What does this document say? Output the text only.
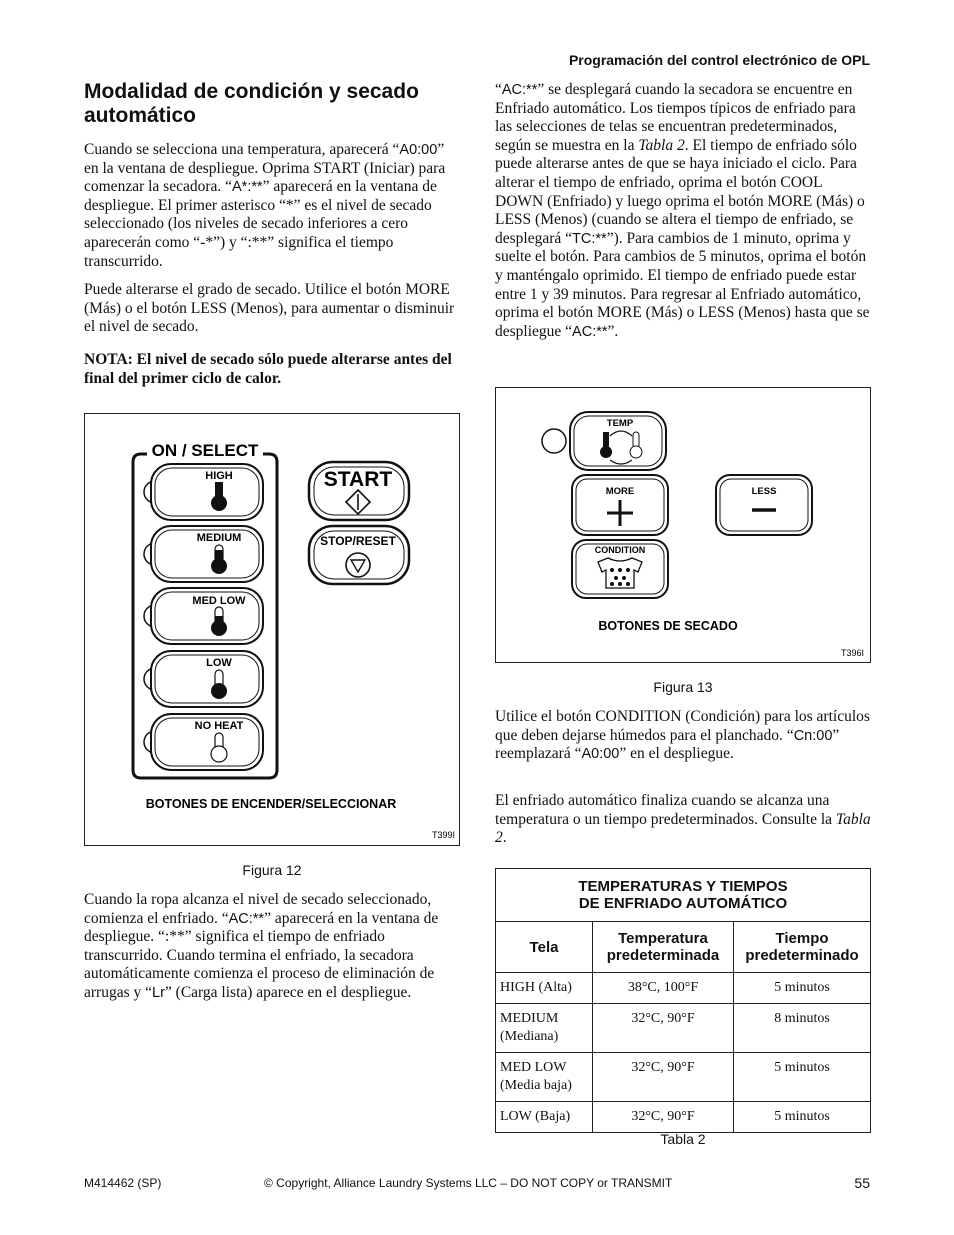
Programación del control electrónico de OPL
Modalidad de condición y secado automático

Cuando se selecciona una temperatura, aparecerá “A0:00” en la ventana de despliegue. Oprima START (Iniciar) para comenzar la secadora. “A*:**” aparecerá en la ventana de despliegue. El primer asterisco “*” es el nivel de secado seleccionado (los niveles de secado inferiores a cero aparecerán como “-*”) y “:**” significa el tiempo transcurrido.

Puede alterarse el grado de secado. Utilice el botón MORE (Más) o el botón LESS (Menos), para aumentar o disminuir el nivel de secado.

NOTA: El nivel de secado sólo puede alterarse antes del final del primer ciclo de calor.

ON / SELECT
HIGH
MEDIUM
MED LOW
LOW
NO HEAT
START
STOP/RESET
BOTONES DE ENCENDER/SELECCIONAR
T399I
Figura 12

Cuando la ropa alcanza el nivel de secado seleccionado, comienza el enfriado. “AC:**” aparecerá en la ventana de despliegue. “:**” significa el tiempo de enfriado transcurrido. Cuando termina el enfriado, la secadora automáticamente comienza el proceso de eliminación de arrugas y “Lr” (Carga lista) aparece en el despliegue.

“AC:**” se desplegará cuando la secadora se encuentre en Enfriado automático. Los tiempos típicos de enfriado para las selecciones de telas se encuentran predeterminados, según se muestra en la Tabla 2. El tiempo de enfriado sólo puede alterarse antes de que se haya iniciado el ciclo. Para alterar el tiempo de enfriado, oprima el botón COOL DOWN (Enfriado) y luego oprima el botón MORE (Más) o LESS (Menos) (cuando se altera el tiempo de enfriado, se desplegará “TC:**”). Para cambios de 1 minuto, oprima y suelte el botón. Para cambios de 5 minutos, oprima el botón y manténgalo oprimido. El tiempo de enfriado puede estar entre 1 y 39 minutos. Para regresar al Enfriado automático, oprima el botón MORE (Más) o LESS (Menos) hasta que se despliegue “AC:**”.

TEMP
MORE	LESS
CONDITION
BOTONES DE SECADO
T396I
Figura 13

Utilice el botón CONDITION (Condición) para los artículos que deben dejarse húmedos para el planchado. “Cn:00” reemplazará “A0:00” en el despliegue.

El enfriado automático finaliza cuando se alcanza una temperatura o un tiempo predeterminados. Consulte la Tabla 2.

TEMPERATURAS Y TIEMPOS
DE ENFRIADO AUTOMÁTICO		

Tela	Temperatura predeterminada	Tiempo predeterminado
HIGH (Alta)	38°C, 100°F	5 minutos
MEDIUM (Mediana)	32°C, 90°F	8 minutos
MED LOW (Media baja)	32°C, 90°F	5 minutos
LOW (Baja)	32°C, 90°F	5 minutos
Tabla 2
M414462 (SP)	© Copyright, Alliance Laundry Systems LLC – DO NOT COPY or TRANSMIT	55
